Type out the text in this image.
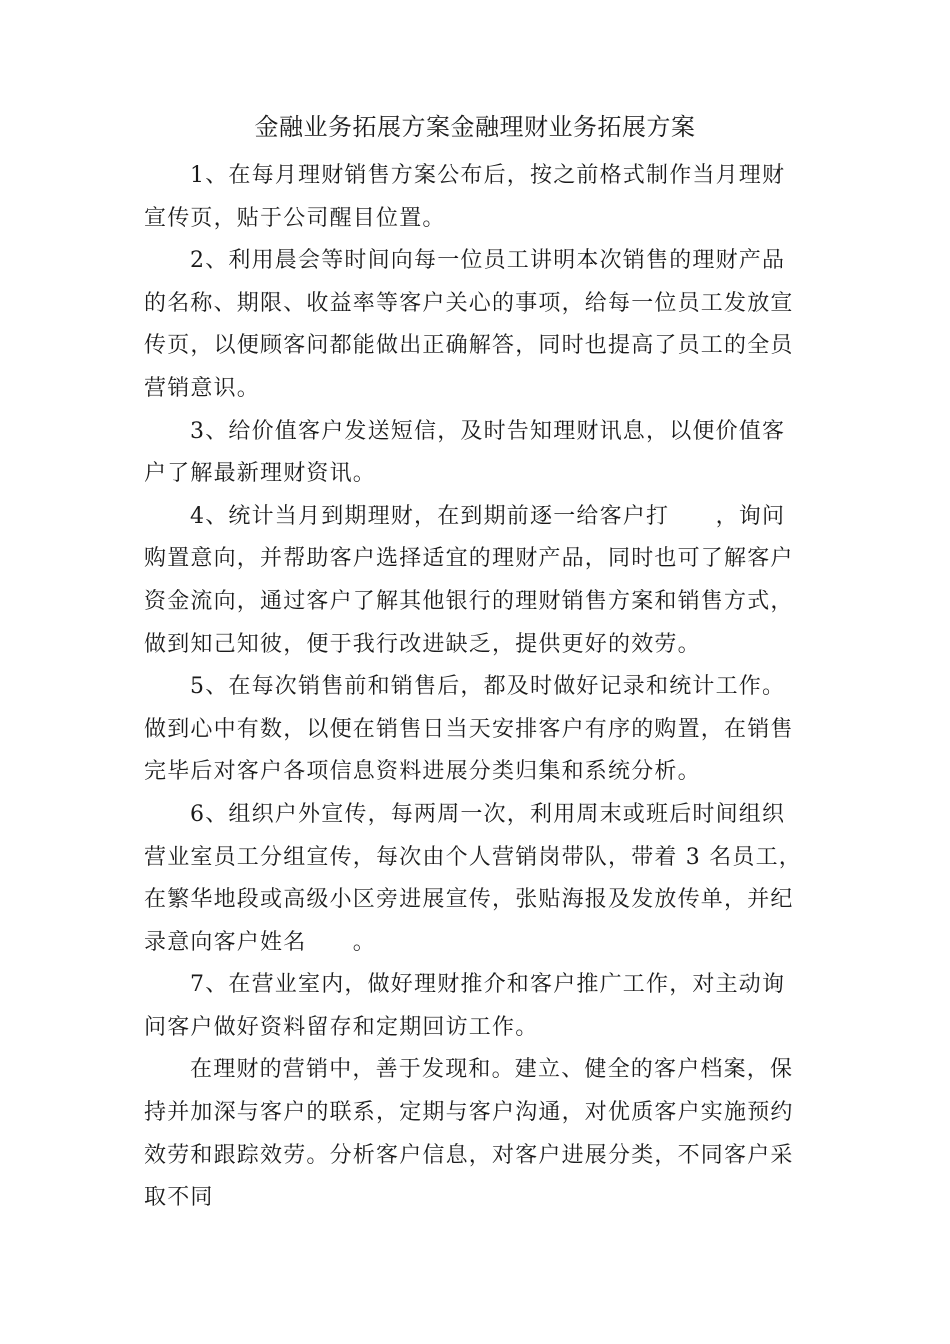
金融业务拓展方案金融理财业务拓展方案

1、在每月理财销售方案公布后，按之前格式制作当月理财宣传页，贴于公司醒目位置。

2、利用晨会等时间向每一位员工讲明本次销售的理财产品的名称、期限、收益率等客户关心的事项，给每一位员工发放宣传页，以便顾客问都能做出正确解答，同时也提高了员工的全员营销意识。

3、给价值客户发送短信，及时告知理财讯息，以便价值客户了解最新理财资讯。

4、统计当月到期理财，在到期前逐一给客户打　　，询问购置意向，并帮助客户选择适宜的理财产品，同时也可了解客户资金流向，通过客户了解其他银行的理财销售方案和销售方式，做到知己知彼，便于我行改进缺乏，提供更好的效劳。

5、在每次销售前和销售后，都及时做好记录和统计工作。做到心中有数，以便在销售日当天安排客户有序的购置，在销售完毕后对客户各项信息资料进展分类归集和系统分析。

6、组织户外宣传，每两周一次，利用周末或班后时间组织营业室员工分组宣传，每次由个人营销岗带队，带着 3 名员工，在繁华地段或高级小区旁进展宣传，张贴海报及发放传单，并纪录意向客户姓名　　。

7、在营业室内，做好理财推介和客户推广工作，对主动询问客户做好资料留存和定期回访工作。

在理财的营销中，善于发现和。建立、健全的客户档案，保持并加深与客户的联系，定期与客户沟通，对优质客户实施预约效劳和跟踪效劳。分析客户信息，对客户进展分类，不同客户采取不同
